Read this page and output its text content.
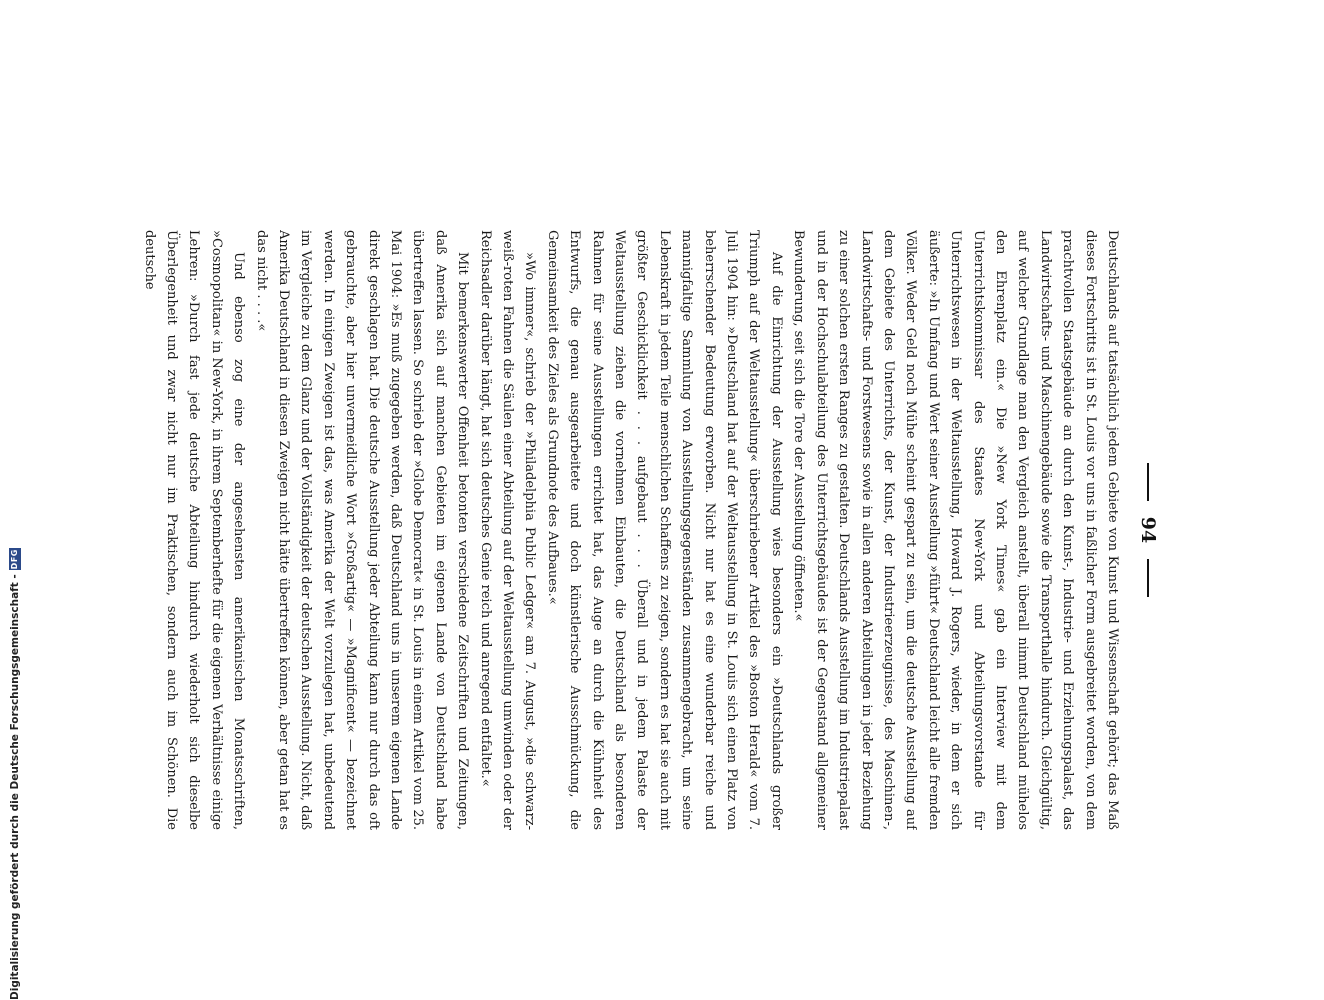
Digitalisierung gefördert durch die Deutsche Forschungsgemeinschaft -
DFG
94

Deutschlands auf tatsächlich jedem Gebiete von Kunst und Wissenschaft gehört; das Maß dieses Fortschritts ist in St. Louis vor uns in faßlicher Form ausgebreitet worden, von dem prachtvollen Staatsgebäude an durch den Kunst-, Industrie- und Erziehungspalast, das Landwirtschafts- und Maschinengebäude sowie die Transporthalle hindurch. Gleichgültig, auf welcher Grundlage man den Vergleich anstellt, überall nimmt Deutschland mühelos den Ehrenplatz ein.« Die »New York Times« gab ein Interview mit dem Unterrichtskommissar des Staates New-York und Abteilungsvorstande für Unterrichtswesen in der Weltausstellung, Howard J. Rogers, wieder, in dem er sich äußerte: »In Umfang und Wert seiner Ausstellung »führt« Deutschland leicht alle fremden Völker. Weder Geld noch Mühe scheint gespart zu sein, um die deutsche Ausstellung auf dem Gebiete des Unterrichts, der Kunst, der Industrieerzeugnisse, des Maschinen-, Landwirtschafts- und Forstwesens sowie in allen anderen Abteilungen in jeder Beziehung zu einer solchen ersten Ranges zu gestalten. Deutschlands Ausstellung im Industriepalast und in der Hochschulabteilung des Unterrichtsgebäudes ist der Gegenstand allgemeiner Bewunderung, seit sich die Tore der Ausstellung öffneten.«

Auf die Einrichtung der Ausstellung wies besonders ein »Deutschlands großer Triumph auf der Weltausstellung« überschriebener Artikel des »Boston Herald« vom 7. Juli 1904 hin: »Deutschland hat auf der Weltausstellung in St. Louis sich einen Platz von beherrschender Bedeutung erworben. Nicht nur hat es eine wunderbar reiche und mannigfaltige Sammlung von Ausstellungsgegenständen zusammengebracht, um seine Lebenskraft in jedem Teile menschlichen Schaffens zu zeigen, sondern es hat sie auch mit größter Geschicklichkeit . . . aufgebaut . . . Überall und in jedem Palaste der Weltausstellung ziehen die vornehmen Einbauten, die Deutschland als besonderen Rahmen für seine Ausstellungen errichtet hat, das Auge an durch die Kühnheit des Entwurfs, die genau ausgearbeitete und doch künstlerische Ausschmückung, die Gemeinsamkeit des Zieles als Grundnote des Aufbaues.«

»Wo immer«, schrieb der »Philadelphia Public Ledger« am 7. August, »die schwarz-weiß-roten Fahnen die Säulen einer Abteilung auf der Weltausstellung umwinden oder der Reichsadler darüber hängt, hat sich deutsches Genie reich und anregend entfaltet.«

Mit bemerkenswerter Offenheit betonten verschiedene Zeitschriften und Zeitungen, daß Amerika sich auf manchen Gebieten im eigenen Lande von Deutschland habe übertreffen lassen. So schrieb der »Globe Democrat« in St. Louis in einem Artikel vom 25. Mai 1904: »Es muß zugegeben werden, daß Deutschland uns in unserem eigenen Lande direkt geschlagen hat. Die deutsche Ausstellung jeder Abteilung kann nur durch das oft gebrauchte, aber hier unvermeidliche Wort »Großartig« — »Magnificent« — bezeichnet werden. In einigen Zweigen ist das, was Amerika der Welt vorzulegen hat, unbedeutend im Vergleiche zu dem Glanz und der Vollständigkeit der deutschen Ausstellung. Nicht, daß Amerika Deutschland in diesen Zweigen nicht hätte übertreffen können, aber getan hat es das nicht . . . .«

Und ebenso zog eine der angesehensten amerikanischen Monatsschriften, »Cosmopolitan« in New-York, in ihrem Septemberhefte für die eigenen Verhältnisse einige Lehren: »Durch fast jede deutsche Abteilung hindurch wiederholt sich dieselbe Überlegenheit und zwar nicht nur im Praktischen, sondern auch im Schönen. Die deutsche
